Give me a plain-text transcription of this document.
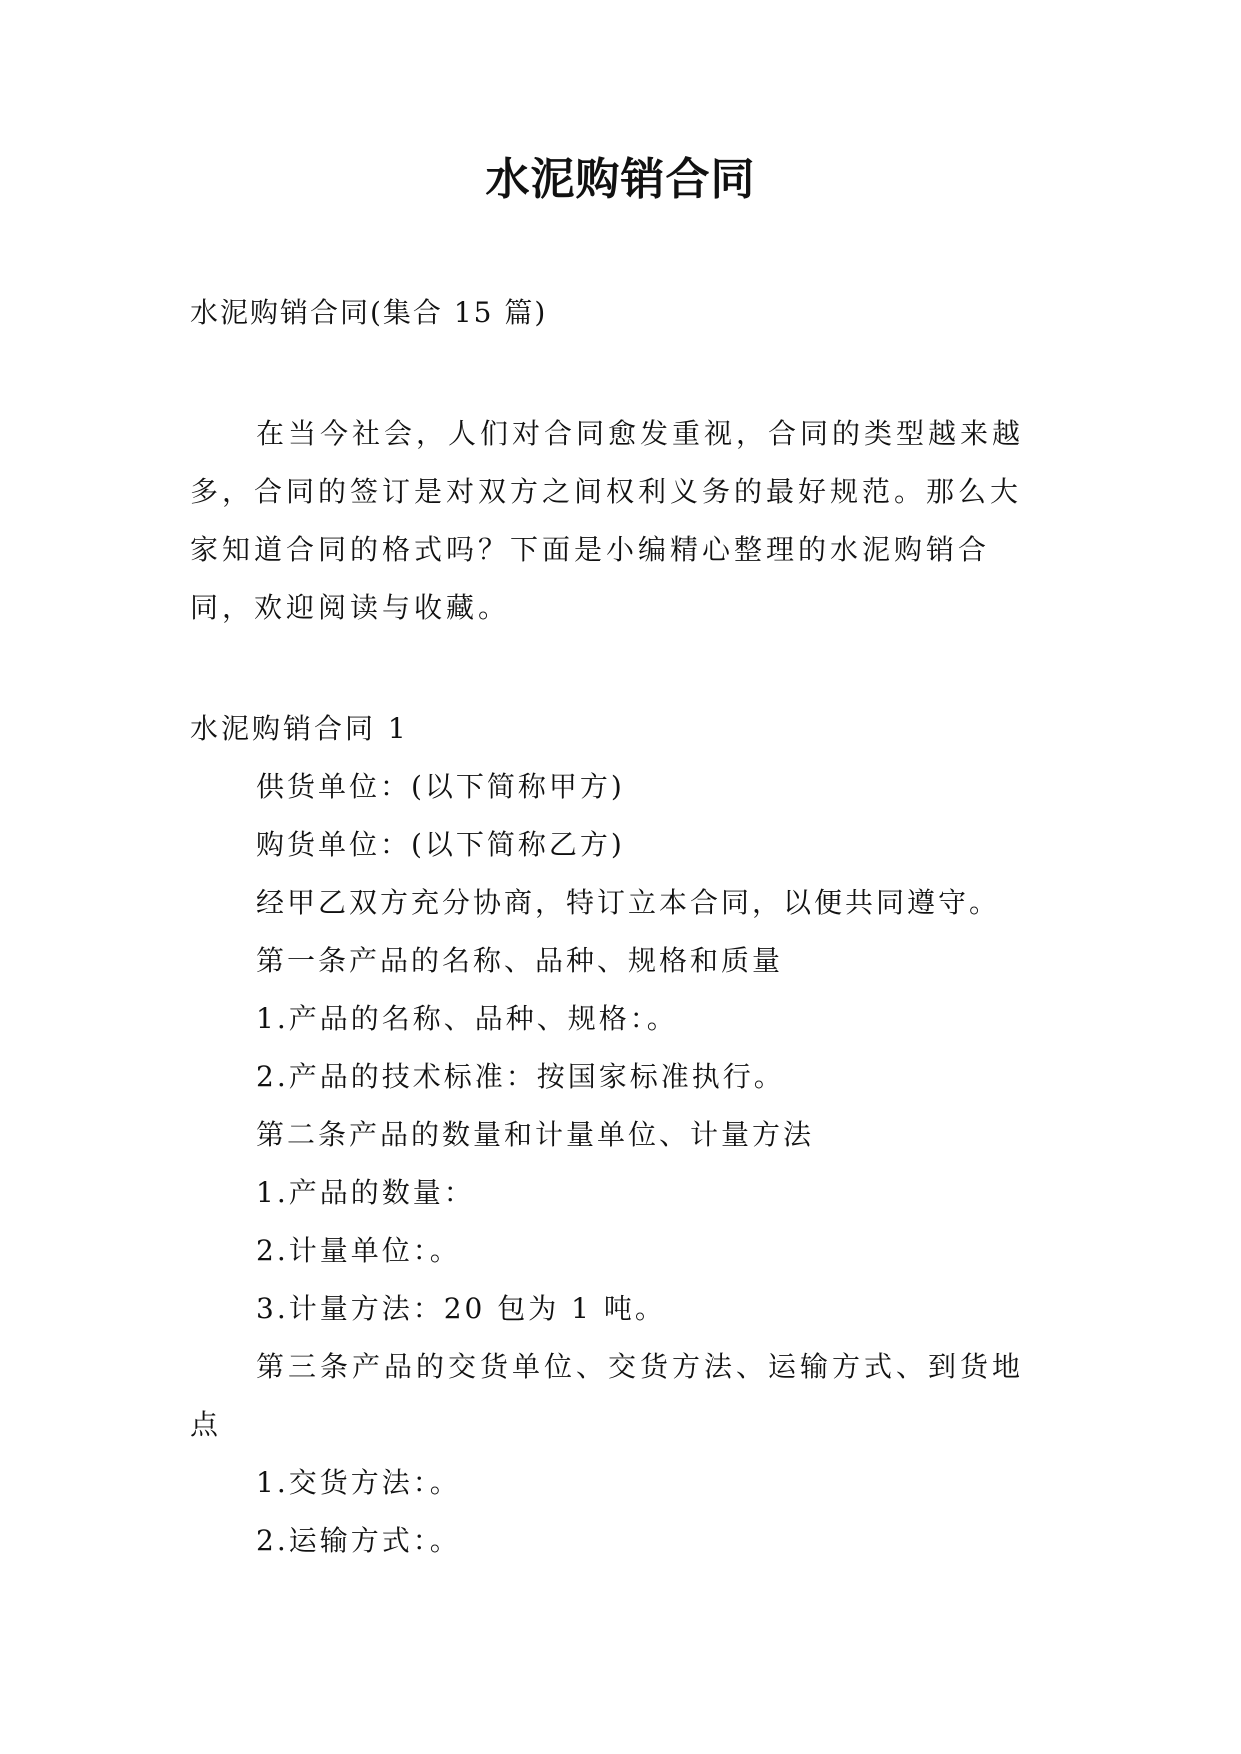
水泥购销合同
水泥购销合同(集合 15 篇)

在当今社会，人们对合同愈发重视，合同的类型越来越多，合同的签订是对双方之间权利义务的最好规范。那么大家知道合同的格式吗？下面是小编精心整理的水泥购销合同，欢迎阅读与收藏。

水泥购销合同 1
供货单位：(以下简称甲方)
购货单位：(以下简称乙方)
经甲乙双方充分协商，特订立本合同，以便共同遵守。
第一条产品的名称、品种、规格和质量
1.产品的名称、品种、规格：。
2.产品的技术标准：按国家标准执行。
第二条产品的数量和计量单位、计量方法
1.产品的数量：
2.计量单位：。
3.计量方法：20 包为 1 吨。
第三条产品的交货单位、交货方法、运输方式、到货地点
1.交货方法：。
2.运输方式：。
